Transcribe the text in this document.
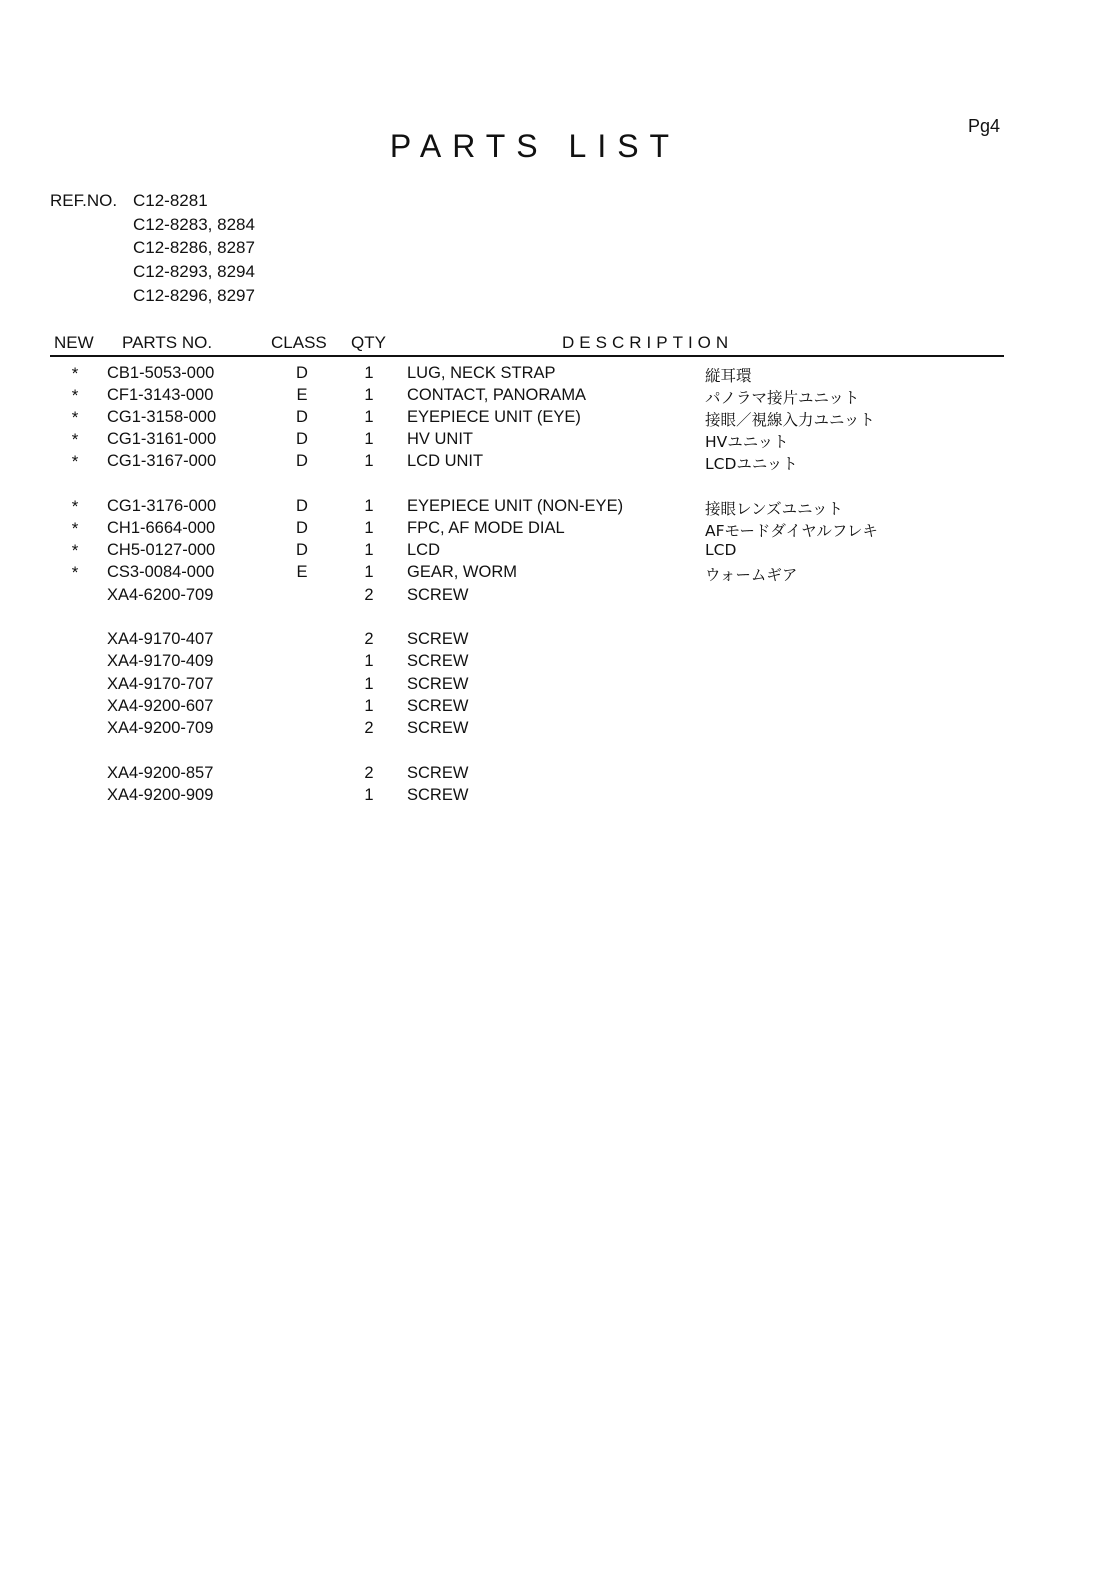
Pg4
PARTS LIST
REF.NO. C12-8281
C12-8283, 8284
C12-8286, 8287
C12-8293, 8294
C12-8296, 8297
NEW PARTS NO.	CLASS QTY	DESCRIPTION
* CB1-5053-000	D	1 LUG, NECK STRAP	縦耳環
* CF1-3143-000	E	1 CONTACT, PANORAMA	パノラマ接片ユニット
* CG1-3158-000	D	1 EYEPIECE UNIT (EYE)	接眼／視線入力ユニット
* CG1-3161-000	D	1 HV UNIT	HVユニット
* CG1-3167-000	D	1 LCD UNIT	LCDユニット
* CG1-3176-000	D	1 EYEPIECE UNIT (NON-EYE)	接眼レンズユニット
* CH1-6664-000	D	1 FPC, AF MODE DIAL	AFモードダイヤルフレキ
* CH5-0127-000	D	1 LCD	LCD
* CS3-0084-000	E	1 GEAR, WORM	ウォームギア
XA4-6200-709	2 SCREW
XA4-9170-407	2 SCREW
XA4-9170-409	1 SCREW
XA4-9170-707	1 SCREW
XA4-9200-607	1 SCREW
XA4-9200-709	2 SCREW
XA4-9200-857	2 SCREW
XA4-9200-909	1 SCREW
